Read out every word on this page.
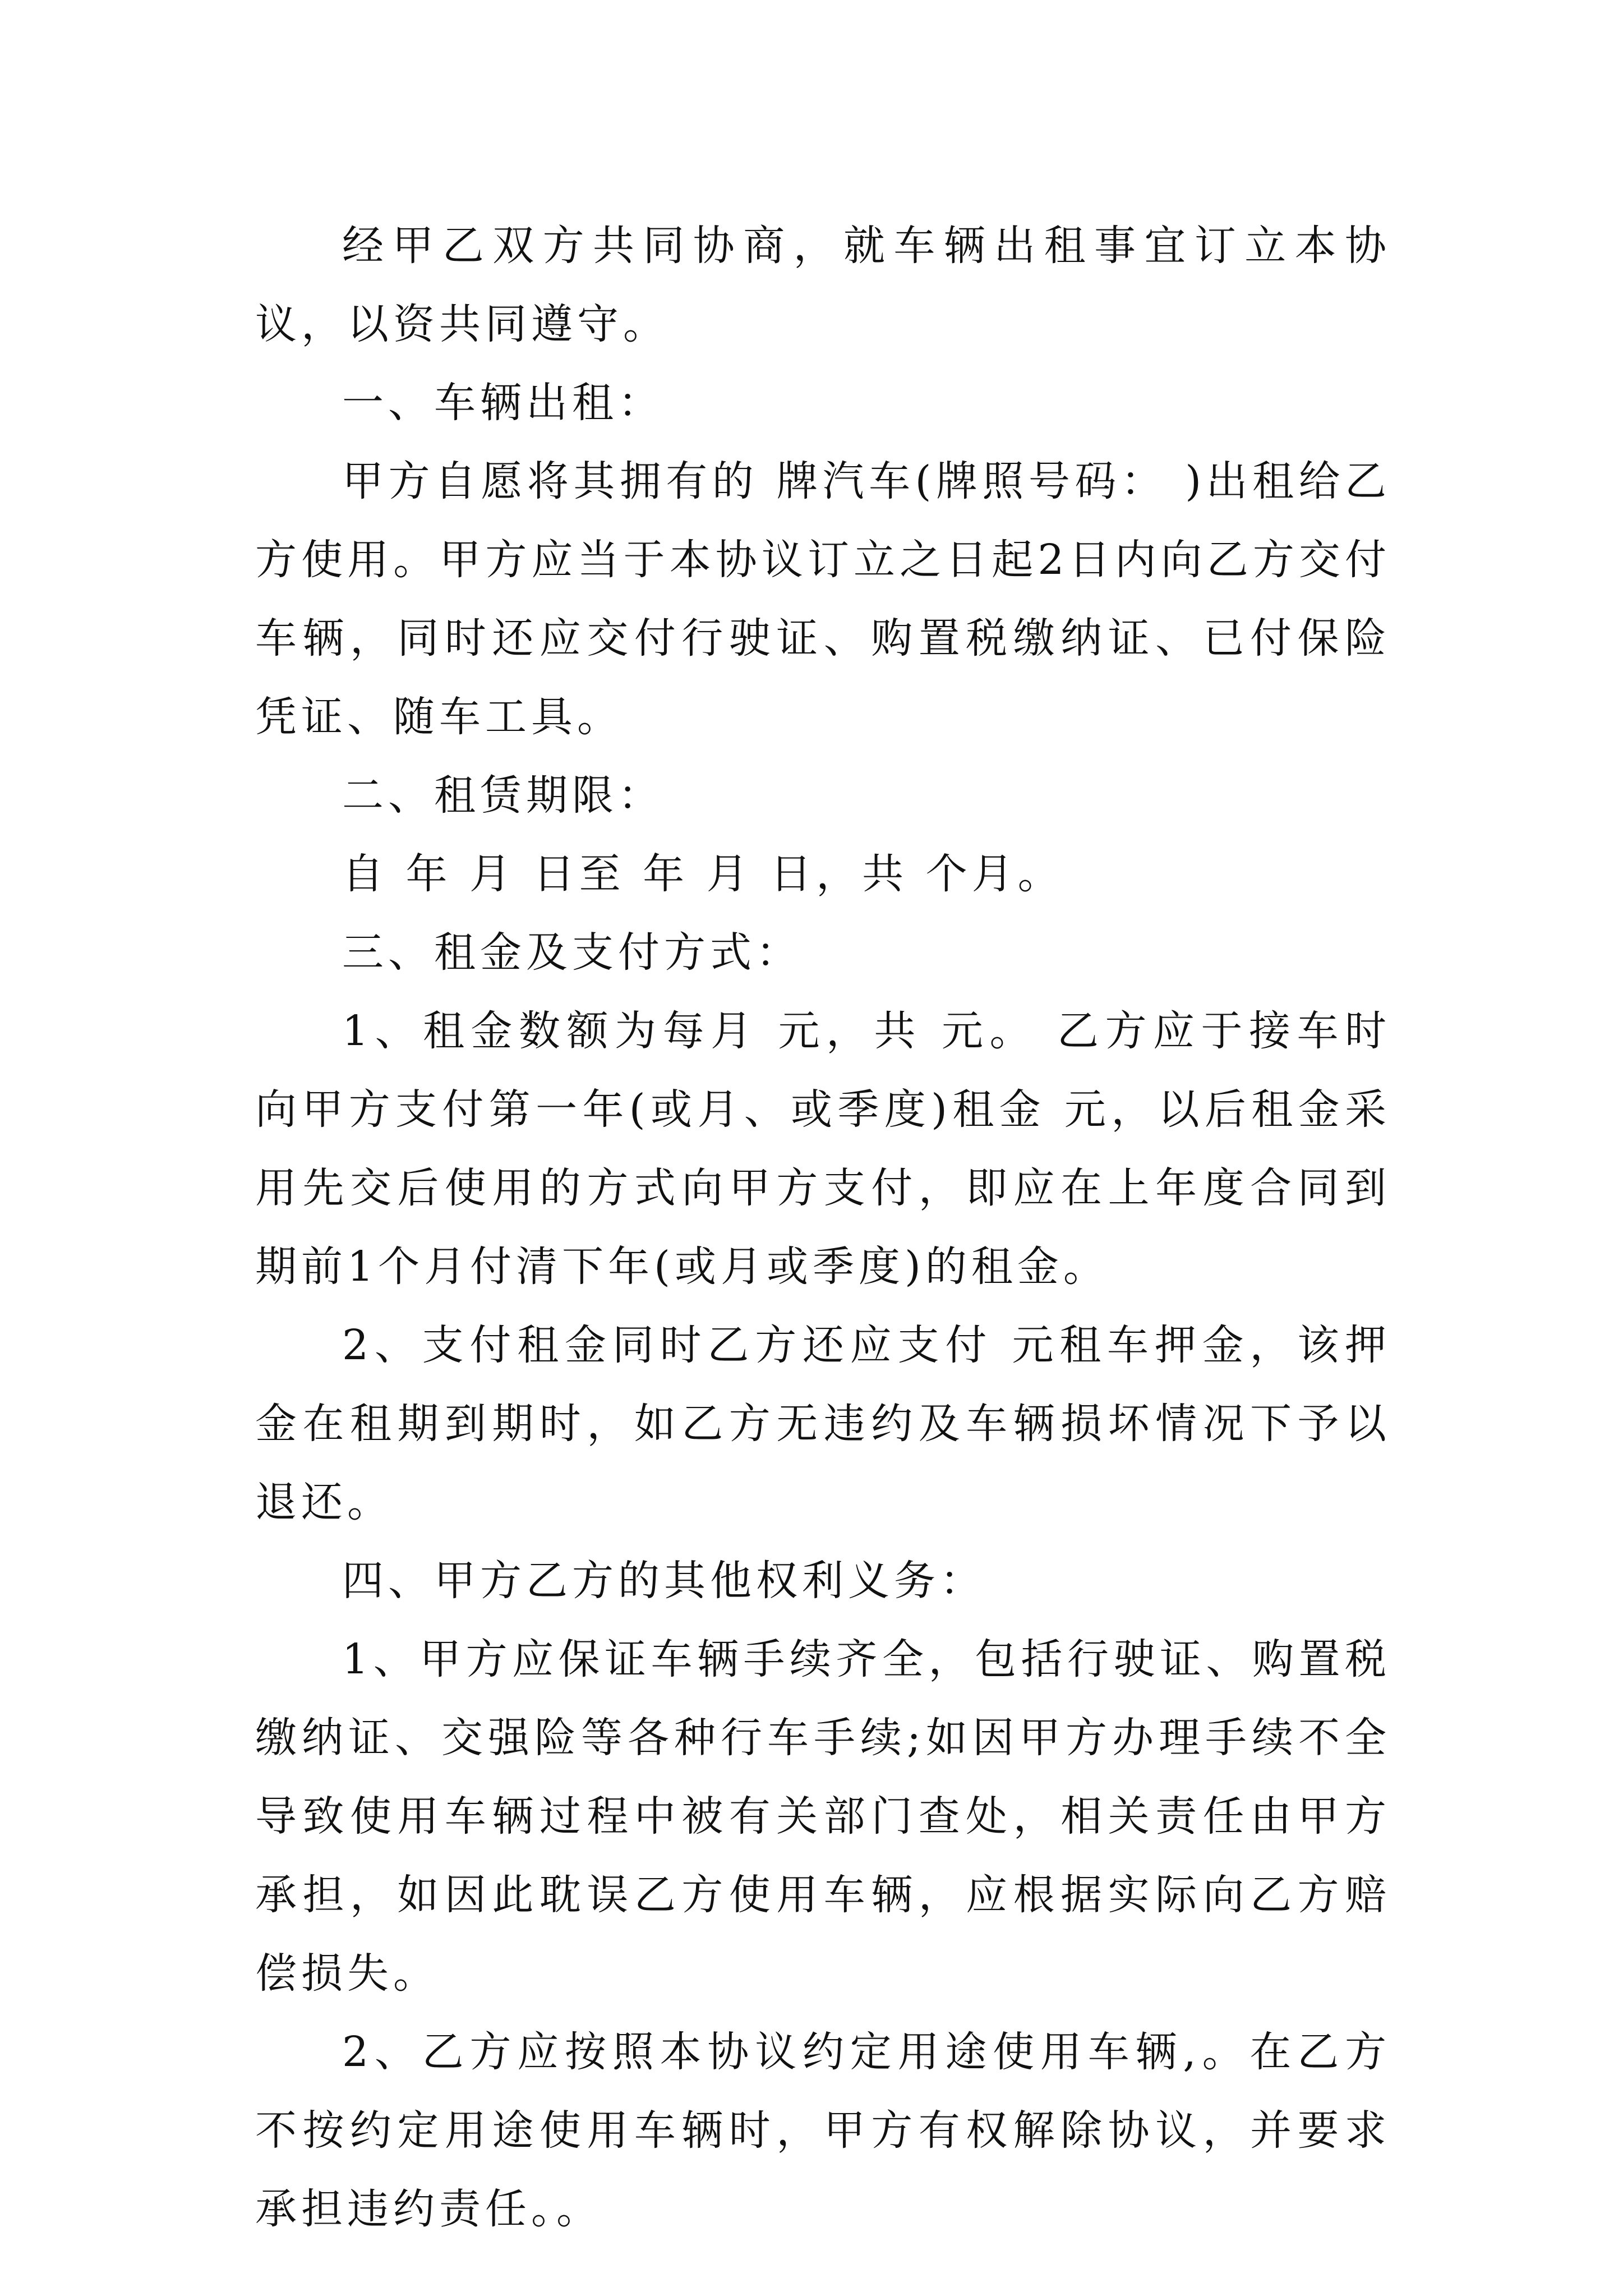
经甲乙双方共同协商，就车辆出租事宜订立本协议，以资共同遵守。

一、车辆出租：

甲方自愿将其拥有的 牌汽车(牌照号码： )出租给乙方使用。甲方应当于本协议订立之日起2日内向乙方交付车辆，同时还应交付行驶证、购置税缴纳证、已付保险凭证、随车工具。

二、租赁期限：

自 年 月 日至 年 月 日，共 个月。

三、租金及支付方式：

1、租金数额为每月 元，共 元。 乙方应于接车时向甲方支付第一年(或月、或季度)租金 元，以后租金采用先交后使用的方式向甲方支付，即应在上年度合同到期前1个月付清下年(或月或季度)的租金。

2、支付租金同时乙方还应支付 元租车押金，该押金在租期到期时，如乙方无违约及车辆损坏情况下予以退还。

四、甲方乙方的其他权利义务：

1、甲方应保证车辆手续齐全，包括行驶证、购置税缴纳证、交强险等各种行车手续;如因甲方办理手续不全导致使用车辆过程中被有关部门查处，相关责任由甲方承担，如因此耽误乙方使用车辆，应根据实际向乙方赔偿损失。

2、乙方应按照本协议约定用途使用车辆,。在乙方不按约定用途使用车辆时，甲方有权解除协议，并要求承担违约责任。。
